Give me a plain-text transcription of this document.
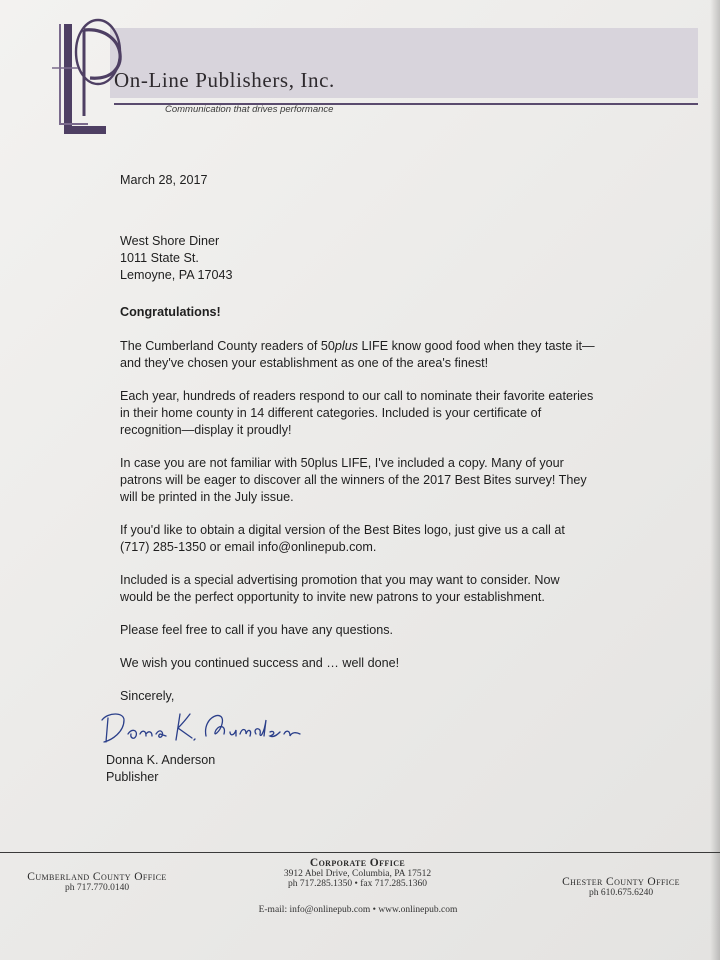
On-Line Publishers, Inc.
Communication that drives performance

March 28, 2017

West Shore Diner

1011 State St.

Lemoyne, PA 17043

Congratulations!

The Cumberland County readers of 50plus LIFE know good food when they taste it—and they've chosen your establishment as one of the area's finest!

Each year, hundreds of readers respond to our call to nominate their favorite eateries in their home county in 14 different categories. Included is your certificate of recognition—display it proudly!

In case you are not familiar with 50plus LIFE, I've included a copy. Many of your patrons will be eager to discover all the winners of the 2017 Best Bites survey! They will be printed in the July issue.

If you'd like to obtain a digital version of the Best Bites logo, just give us a call at (717) 285-1350 or email info@onlinepub.com.

Included is a special advertising promotion that you may want to consider. Now would be the perfect opportunity to invite new patrons to your establishment.

Please feel free to call if you have any questions.

We wish you continued success and … well done!

Sincerely,

Donna K. Anderson
Publisher
Cumberland County Office
ph 717.770.0140
Corporate Office
3912 Abel Drive, Columbia, PA 17512
ph 717.285.1350 • fax 717.285.1360	Chester County Office
ph 610.675.6240
E-mail: info@onlinepub.com • www.onlinepub.com
